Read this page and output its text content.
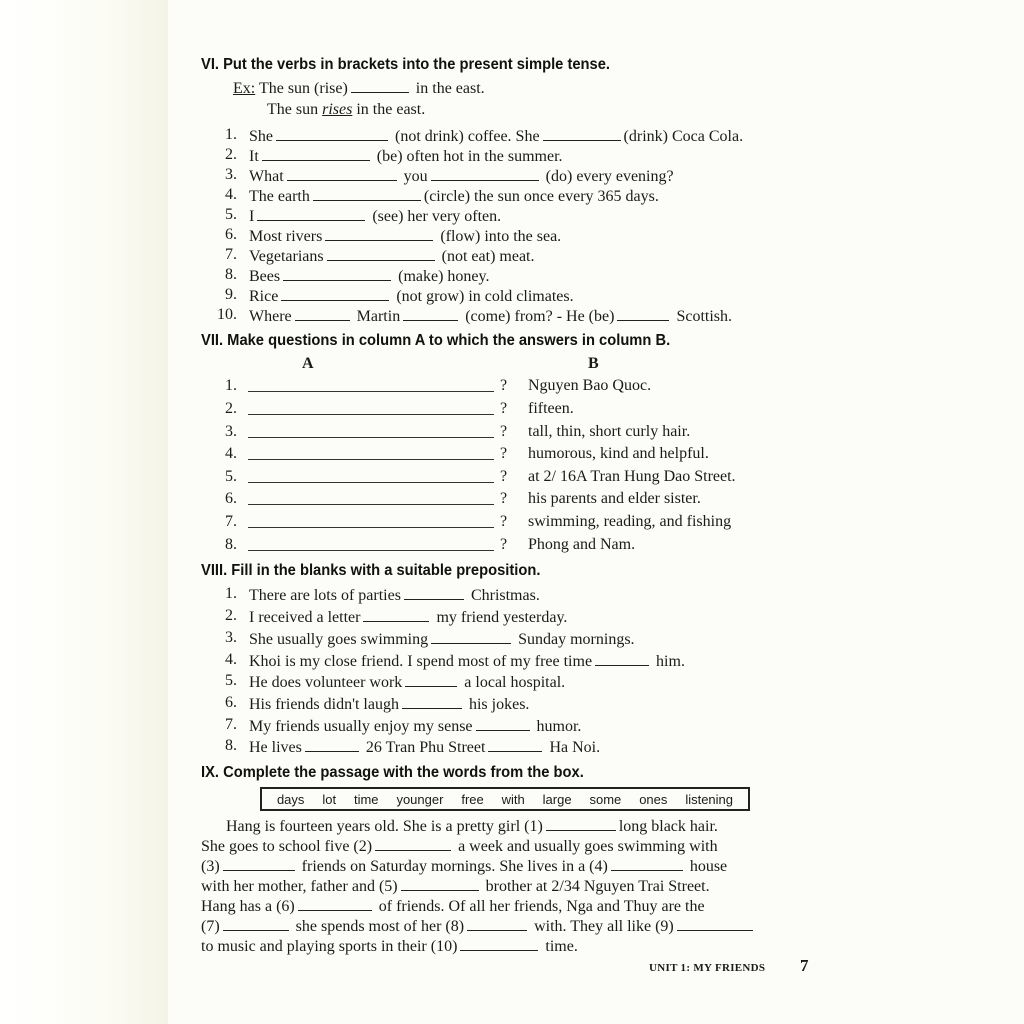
VI. Put the verbs in brackets into the present simple tense.
Ex: The sun (rise)	in the east.
The sun rises in the east.
1. She	(not drink) coffee. She	(drink) Coca Cola.
2. It	(be) often hot in the summer.
3. What	you	(do) every evening?
4. The earth	(circle) the sun once every 365 days.
5. I	(see) her very often.
6. Most rivers	(flow) into the sea.
7. Vegetarians	(not eat) meat.
8. Bees	(make) honey.
9. Rice	(not grow) in cold climates.
10. Where	Martin	(come) from? - He (be)	Scottish.
VII. Make questions in column A to which the answers in column B.
A	B
1.	? Nguyen Bao Quoc.
2.	? fifteen.
3.	? tall, thin, short curly hair.
4.	? humorous, kind and helpful.
5.	? at 2/ 16A Tran Hung Dao Street.
6.	? his parents and elder sister.
7.	? swimming, reading, and fishing
8.	? Phong and Nam.
VIII. Fill in the blanks with a suitable preposition.
1. There are lots of parties	Christmas.
2. I received a letter	my friend yesterday.
3. She usually goes swimming	Sunday mornings.
4. Khoi is my close friend. I spend most of my free time	him.
5. He does volunteer work	a local hospital.
6. His friends didn't laugh	his jokes.
7. My friends usually enjoy my sense	humor.
8. He lives	26 Tran Phu Street	Ha Noi.
IX. Complete the passage with the words from the box.
days lot time younger free with large some ones listening
Hang is fourteen years old. She is a pretty girl (1)	long black hair.
She goes to school five (2)	a week and usually goes swimming with
(3)	friends on Saturday mornings. She lives in a (4)	house
with her mother, father and (5)	brother at 2/34 Nguyen Trai Street.
Hang has a (6)	of friends. Of all her friends, Nga and Thuy are the
(7)	she spends most of her (8)	with. They all like (9)
to music and playing sports in their (10)	time.
UNIT 1: MY FRIENDS 7
